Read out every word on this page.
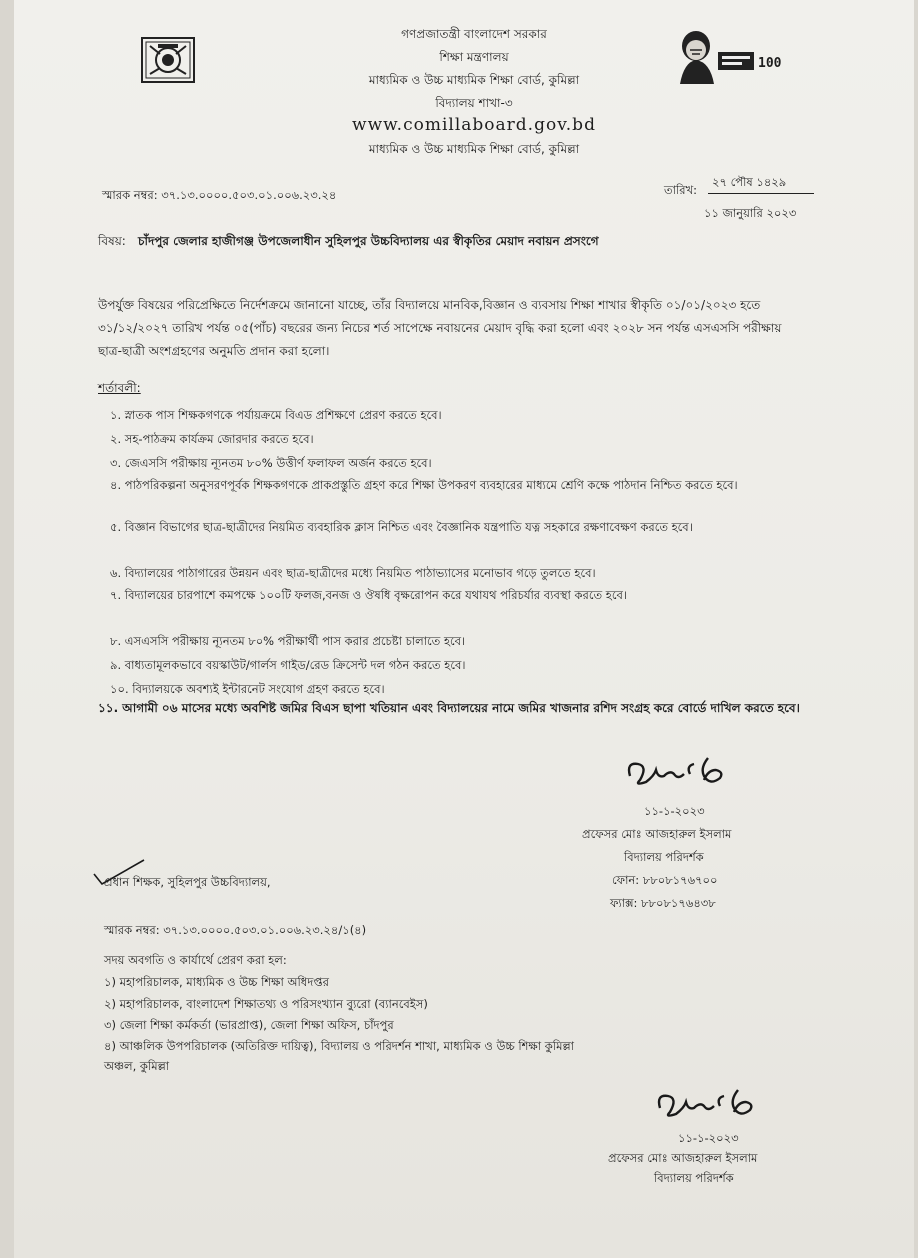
100
গণপ্রজাতন্ত্রী বাংলাদেশ সরকার
শিক্ষা মন্ত্রণালয়
মাধ্যমিক ও উচ্চ মাধ্যমিক শিক্ষা বোর্ড, কুমিল্লা
বিদ্যালয় শাখা-৩
www.comillaboard.gov.bd
মাধ্যমিক ও উচ্চ মাধ্যমিক শিক্ষা বোর্ড, কুমিল্লা
স্মারক নম্বর: ৩৭.১৩.০০০০.৫০৩.০১.০০৬.২৩.২৪	তারিখ:
২৭ পৌষ ১৪২৯
১১ জানুয়ারি ২০২৩
বিষয়: চাঁদপুর জেলার হাজীগঞ্জ উপজেলাধীন সুহিলপুর উচ্চবিদ্যালয় এর স্বীকৃতির মেয়াদ নবায়ন প্রসংগে
উপর্যুক্ত বিষয়ের পরিপ্রেক্ষিতে নির্দেশক্রমে জানানো যাচ্ছে, তাঁর বিদ্যালয়ে মানবিক,বিজ্ঞান ও ব্যবসায় শিক্ষা শাখার স্বীকৃতি ০১/০১/২০২৩ হতে ৩১/১২/২০২৭ তারিখ পর্যন্ত ০৫(পাঁচ) বছরের জন্য নিচের শর্ত সাপেক্ষে নবায়নের মেয়াদ বৃদ্ধি করা হলো এবং ২০২৮ সন পর্যন্ত এসএসসি পরীক্ষায় ছাত্র-ছাত্রী অংশগ্রহণের অনুমতি প্রদান করা হলো।
শর্তাবলী:
১. স্নাতক পাস শিক্ষকগণকে পর্যায়ক্রমে বিএড প্রশিক্ষণে প্রেরণ করতে হবে।
২. সহ-পাঠক্রম কার্যক্রম জোরদার করতে হবে।
৩. জেএসসি পরীক্ষায় ন্যূনতম ৮০% উত্তীর্ণ ফলাফল অর্জন করতে হবে।
৪. পাঠপরিকল্পনা অনুসরণপূর্বক শিক্ষকগণকে প্রাকপ্রস্তুতি গ্রহণ করে শিক্ষা উপকরণ ব্যবহারের মাধ্যমে শ্রেণি কক্ষে পাঠদান নিশ্চিত করতে হবে।
৫. বিজ্ঞান বিভাগের ছাত্র-ছাত্রীদের নিয়মিত ব্যবহারিক ক্লাস নিশ্চিত এবং বৈজ্ঞানিক যন্ত্রপাতি যত্ন সহকারে রক্ষণাবেক্ষণ করতে হবে।
৬. বিদ্যালয়ের পাঠাগারের উন্নয়ন এবং ছাত্র-ছাত্রীদের মধ্যে নিয়মিত পাঠাভ্যাসের মনোভাব গড়ে তুলতে হবে।
৭. বিদ্যালয়ের চারপাশে কমপক্ষে ১০০টি ফলজ,বনজ ও ঔষধি বৃক্ষরোপন করে যথাযথ পরিচর্যার ব্যবস্থা করতে হবে।
৮. এসএসসি পরীক্ষায় ন্যূনতম ৮০% পরীক্ষার্থী পাস করার প্রচেষ্টা চালাতে হবে।
৯. বাধ্যতামূলকভাবে বয়স্কাউট/গার্লস গাইড/রেড ক্রিসেন্ট দল গঠন করতে হবে।
১০. বিদ্যালয়কে অবশ্যই ইন্টারনেট সংযোগ গ্রহণ করতে হবে।
১১. আগামী ০৬ মাসের মধ্যে অবশিষ্ট জমির বিএস ছাপা খতিয়ান এবং বিদ্যালয়ের নামে জমির খাজনার রশিদ সংগ্রহ করে বোর্ডে দাখিল করতে হবে।
১১-১-২০২৩
প্রফেসর মোঃ আজহারুল ইসলাম
বিদ্যালয় পরিদর্শক
ফোন: ৮৮০৮১৭৬৭০০
ফ্যাক্স: ৮৮০৮১৭৬৪৩৮
প্রধান শিক্ষক, সুহিলপুর উচ্চবিদ্যালয়,
স্মারক নম্বর: ৩৭.১৩.০০০০.৫০৩.০১.০০৬.২৩.২৪/১(৪)
সদয় অবগতি ও কার্যার্থে প্রেরণ করা হল:
১) মহাপরিচালক, মাধ্যমিক ও উচ্চ শিক্ষা অধিদপ্তর
২) মহাপরিচালক, বাংলাদেশ শিক্ষাতথ্য ও পরিসংখ্যান ব্যুরো (ব্যানবেইস)
৩) জেলা শিক্ষা কর্মকর্তা (ভারপ্রাপ্ত), জেলা শিক্ষা অফিস, চাঁদপুর
৪) আঞ্চলিক উপপরিচালক (অতিরিক্ত দায়িত্ব), বিদ্যালয় ও পরিদর্শন শাখা, মাধ্যমিক ও উচ্চ শিক্ষা কুমিল্লা
অঞ্চল, কুমিল্লা
১১-১-২০২৩
প্রফেসর মোঃ আজহারুল ইসলাম
বিদ্যালয় পরিদর্শক
